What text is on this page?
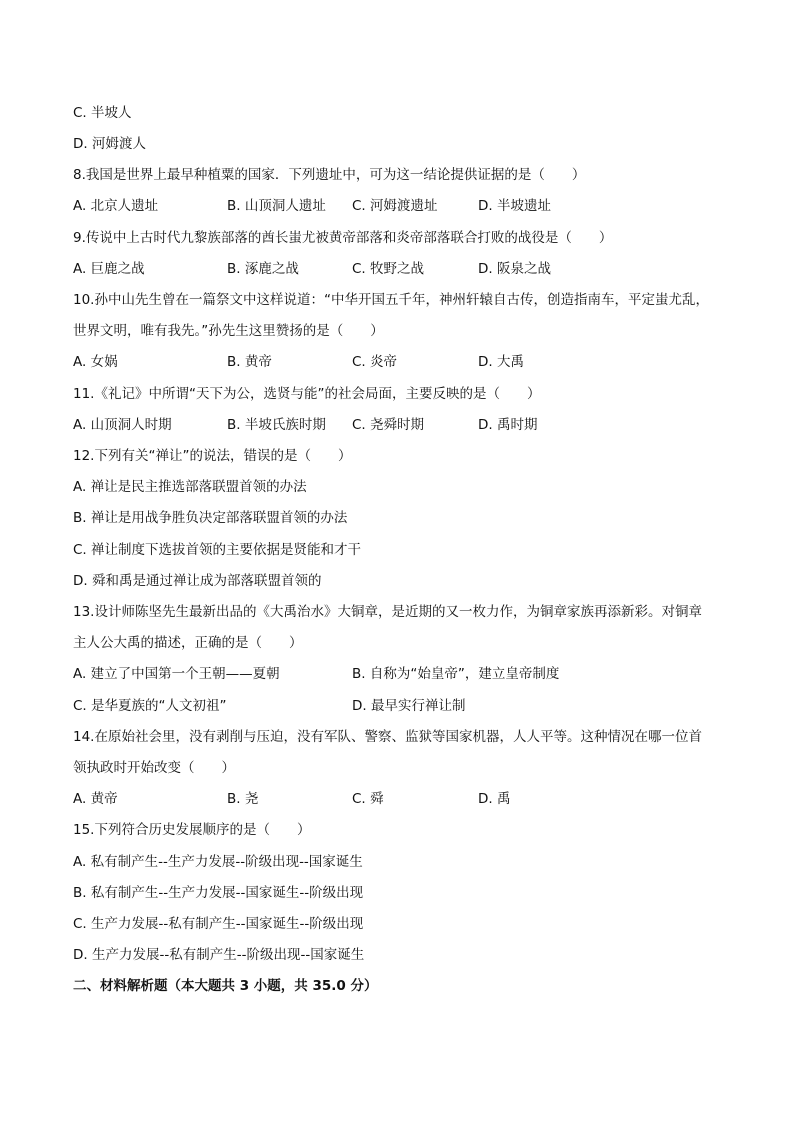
C. 半坡人
D. 河姆渡人
8.我国是世界上最早种植粟的国家．下列遗址中，可为这一结论提供证据的是（　　）
A. 北京人遗址	B. 山顶洞人遗址 C. 河姆渡遗址	D. 半坡遗址
9.传说中上古时代九黎族部落的酋长蚩尤被黄帝部落和炎帝部落联合打败的战役是（　　）
A. 巨鹿之战	B. 涿鹿之战	C. 牧野之战	D. 阪泉之战
10.孙中山先生曾在一篇祭文中这样说道：“中华开国五千年，神州轩辕自古传，创造指南车，平定蚩尤乱，
世界文明，唯有我先。”孙先生这里赞扬的是（　　）
A. 女娲	B. 黄帝	C. 炎帝	D. 大禹
11.《礼记》中所谓“天下为公，选贤与能”的社会局面，主要反映的是（　　）
A. 山顶洞人时期	B. 半坡氏族时期 C. 尧舜时期	D. 禹时期
12.下列有关“禅让”的说法，错误的是（　　）
A. 禅让是民主推选部落联盟首领的办法
B. 禅让是用战争胜负决定部落联盟首领的办法
C. 禅让制度下选拔首领的主要依据是贤能和才干
D. 舜和禹是通过禅让成为部落联盟首领的
13.设计师陈坚先生最新出品的《大禹治水》大铜章，是近期的又一枚力作，为铜章家族再添新彩。对铜章
主人公大禹的描述，正确的是（　　）
A. 建立了中国第一个王朝——夏朝	B. 自称为“始皇帝”，建立皇帝制度
C. 是华夏族的“人文初祖”	D. 最早实行禅让制
14.在原始社会里，没有剥削与压迫，没有军队、警察、监狱等国家机器，人人平等。这种情况在哪一位首
领执政时开始改变（　　）
A. 黄帝	B. 尧	C. 舜	D. 禹
15.下列符合历史发展顺序的是（　　）
A. 私有制产生--生产力发展--阶级出现--国家诞生
B. 私有制产生--生产力发展--国家诞生--阶级出现
C. 生产力发展--私有制产生--国家诞生--阶级出现
D. 生产力发展--私有制产生--阶级出现--国家诞生
二、材料解析题（本大题共 3 小题，共 35.0 分）
